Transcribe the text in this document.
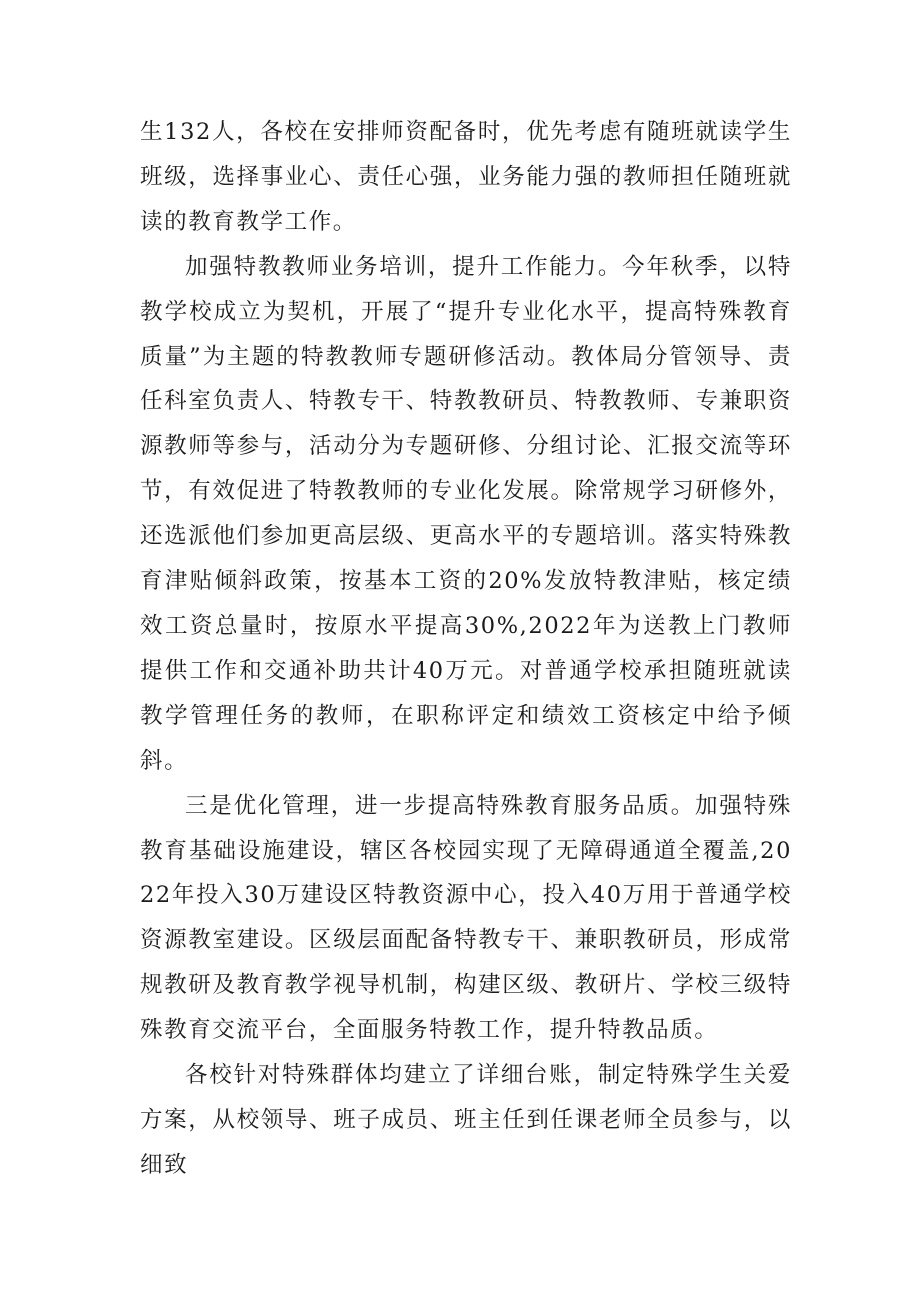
生132人，各校在安排师资配备时，优先考虑有随班就读学生班级，选择事业心、责任心强，业务能力强的教师担任随班就读的教育教学工作。

加强特教教师业务培训，提升工作能力。今年秋季，以特教学校成立为契机，开展了“提升专业化水平，提高特殊教育质量”为主题的特教教师专题研修活动。教体局分管领导、责任科室负责人、特教专干、特教教研员、特教教师、专兼职资源教师等参与，活动分为专题研修、分组讨论、汇报交流等环节，有效促进了特教教师的专业化发展。除常规学习研修外，还选派他们参加更高层级、更高水平的专题培训。落实特殊教育津贴倾斜政策，按基本工资的20%发放特教津贴，核定绩效工资总量时，按原水平提高30%,2022年为送教上门教师提供工作和交通补助共计40万元。对普通学校承担随班就读教学管理任务的教师，在职称评定和绩效工资核定中给予倾斜。

三是优化管理，进一步提高特殊教育服务品质。加强特殊教育基础设施建设，辖区各校园实现了无障碍通道全覆盖,2022年投入30万建设区特教资源中心，投入40万用于普通学校资源教室建设。区级层面配备特教专干、兼职教研员，形成常规教研及教育教学视导机制，构建区级、教研片、学校三级特殊教育交流平台，全面服务特教工作，提升特教品质。

各校针对特殊群体均建立了详细台账，制定特殊学生关爱方案，从校领导、班子成员、班主任到任课老师全员参与，以细致
